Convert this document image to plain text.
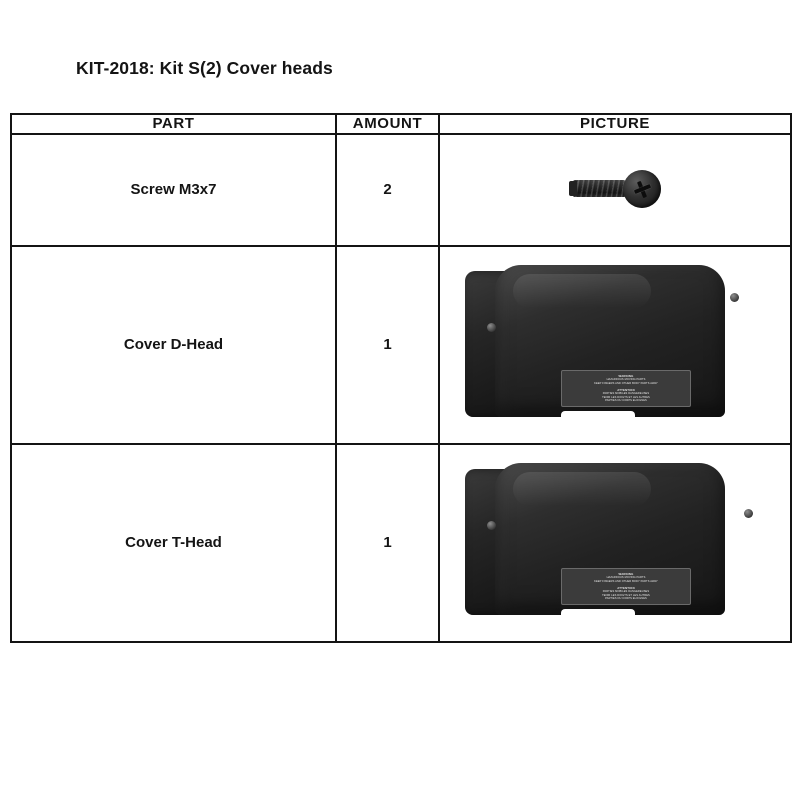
KIT-2018: Kit S(2) Cover heads
PART	AMOUNT	PICTURE
Screw M3x7	2	

Cover D-Head	1	
WARNING
HAZARDOUS MOVING PARTS
KEEP FINGERS AND OTHER BODY PARTS AWAY
ATTENTION
PARTIES MOBILES DANGEREUSES
TENIR LES DOIGTS ET LES AUTRES
PARTIES DU CORPS ELOIGNES

Cover T-Head	1	
WARNING
HAZARDOUS MOVING PARTS
KEEP FINGERS AND OTHER BODY PARTS AWAY
ATTENTION
PARTIES MOBILES DANGEREUSES
TENIR LES DOIGTS ET LES AUTRES
PARTIES DU CORPS ELOIGNES
